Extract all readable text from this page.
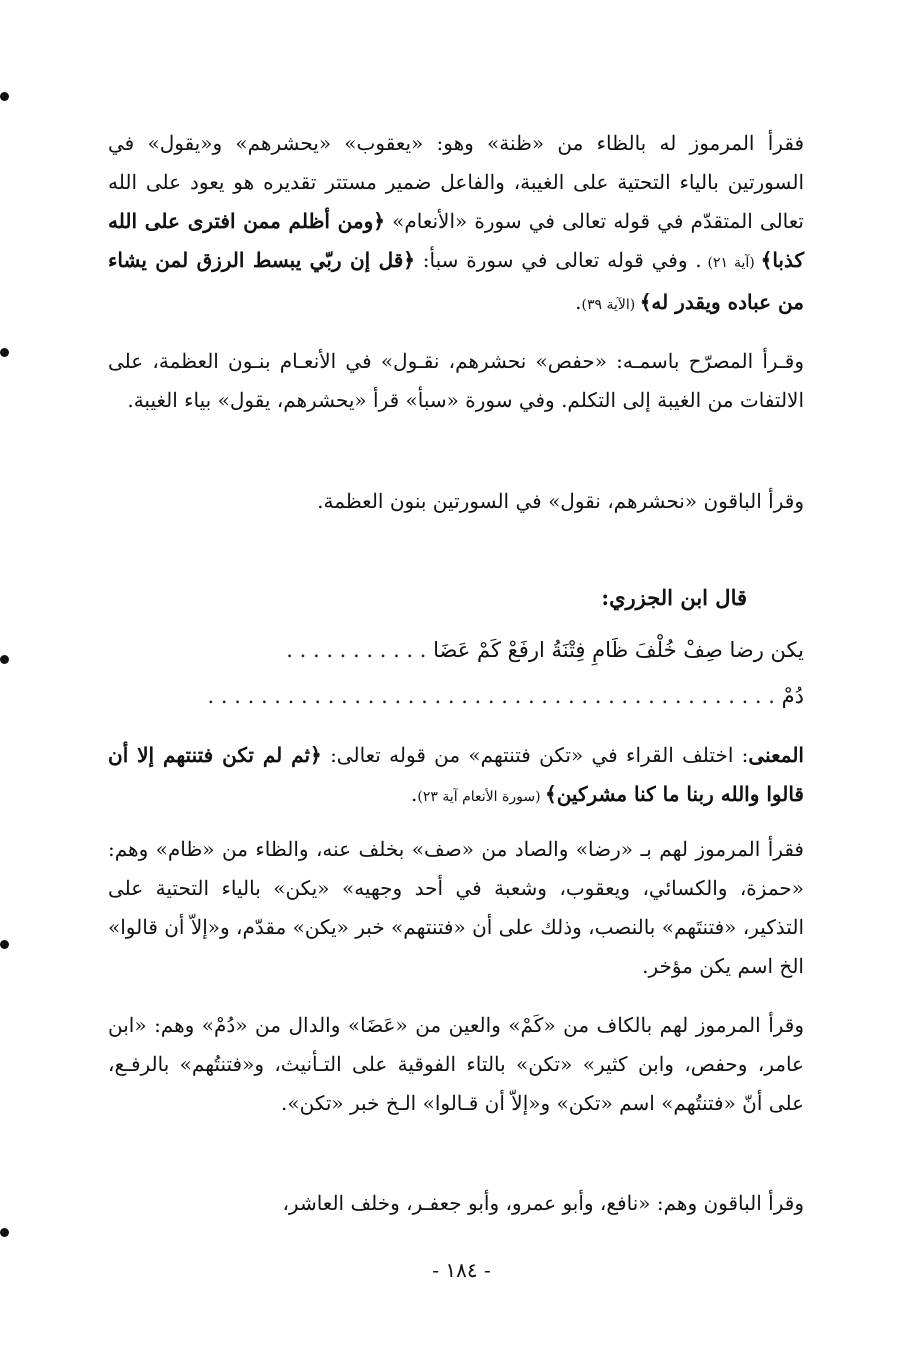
فقرأ المرموز له بالظاء من «ظنة» وهو: «يعقوب» «يحشرهم» و«يقول» في السورتين بالياء التحتية على الغيبة، والفاعل ضمير مستتر تقديره هو يعود على الله تعالى المتقدّم في قوله تعالى في سورة «الأنعام» ﴿ومن أظلم ممن افترى على الله كذبا﴾ (آية ٢١) . وفي قوله تعالى في سورة سبأ: ﴿قل إن ربّي يبسط الرزق لمن يشاء من عباده ويقدر له﴾ (الآية ٣٩).

وقـرأ المصرّح باسمـه: «حفص» نحشرهم، نقـول» في الأنعـام بنـون العظمة، على الالتفات من الغيبة إلى التكلم. وفي سورة «سبأ» قرأ «يحشرهم، يقول» بياء الغيبة.

وقرأ الباقون «نحشرهم، نقول» في السورتين بنون العظمة.

قال ابن الجزري:
يكن رضا صِفْ خُلْفَ ظَامٍ فِتْنَةُ ارفَعْ كَمْ عَضَا . . . . . . . . . . .
دُمْ . . . . . . . . . . . . . . . . . . . . . . . . . . . . . . . . . . . . . . . . . . .

المعنى: اختلف القراء في «تكن فتنتهم» من قوله تعالى: ﴿ثم لم تكن فتنتهم إلا أن قالوا والله ربنا ما كنا مشركين﴾ (سورة الأنعام آية ٢٣).

فقرأ المرموز لهم بـ «رضا» والصاد من «صف» بخلف عنه، والظاء من «ظام» وهم: «حمزة، والكسائي، ويعقوب، وشعبة في أحد وجهيه» «يكن» بالياء التحتية على التذكير، «فتنتَهم» بالنصب، وذلك على أن «فتنتهم» خبر «يكن» مقدّم، و«إلاّ أن قالوا» الخ اسم يكن مؤخر.

وقرأ المرموز لهم بالكاف من «كَمْ» والعين من «عَضَا» والدال من «دُمْ» وهم: «ابن عامر، وحفص، وابن كثير» «تكن» بالتاء الفوقية على التـأنيث، و«فتنتُهم» بالرفـع، على أنّ «فتنتُهم» اسم «تكن» و«إلاّ أن قـالوا» الـخ خبر «تكن».

وقرأ الباقون وهم: «نافع، وأبو عمرو، وأبو جعفـر، وخلف العاشر،

- ١٨٤ -
